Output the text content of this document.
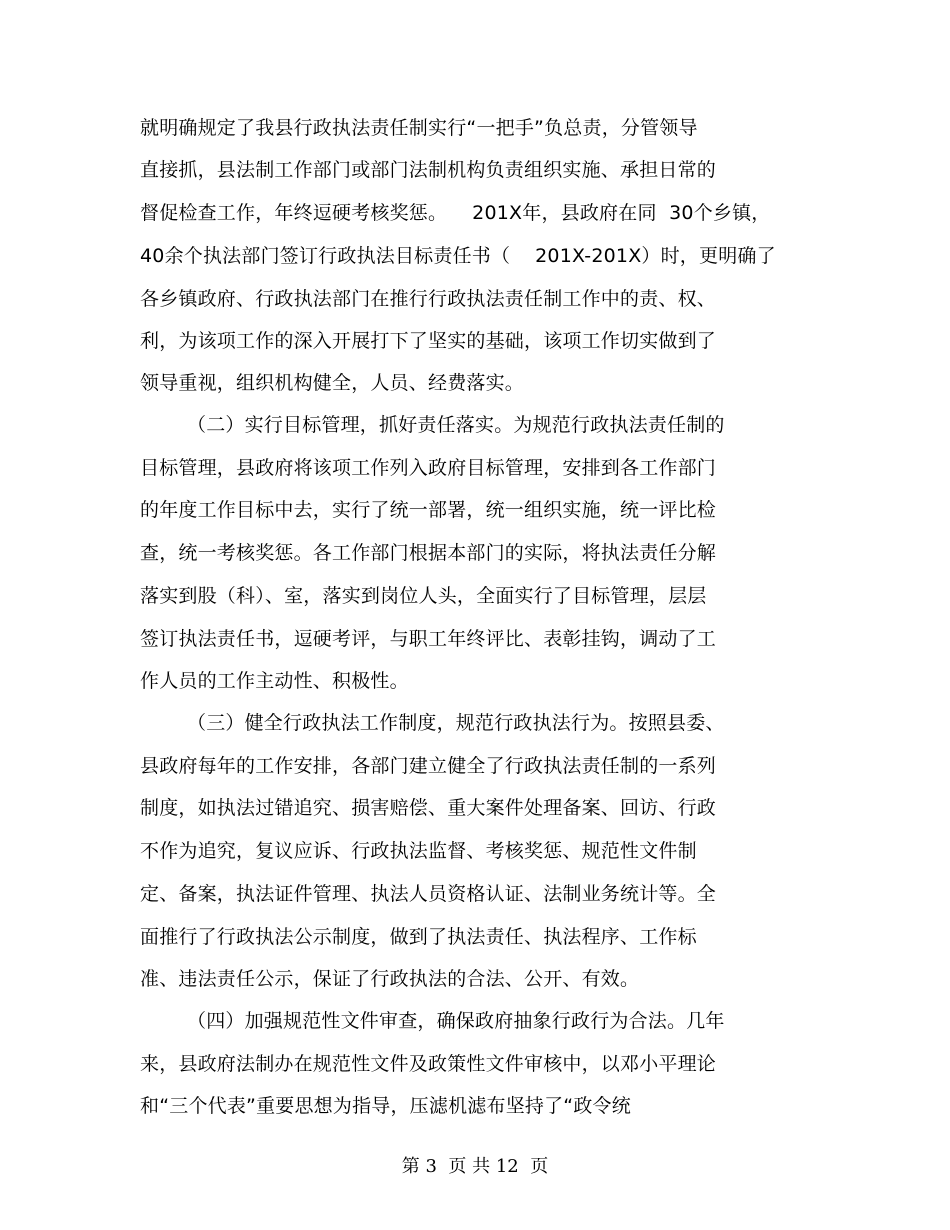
就明确规定了我县行政执法责任制实行“一把手”负总责，分管领导
直接抓，县法制工作部门或部门法制机构负责组织实施、承担日常的
督促检查工作，年终逗硬考核奖惩。    201X年，县政府在同  30个乡镇，
40余个执法部门签订行政执法目标责任书（    201X-201X）时，更明确了
各乡镇政府、行政执法部门在推行行政执法责任制工作中的责、权、
利，为该项工作的深入开展打下了坚实的基础，该项工作切实做到了
领导重视，组织机构健全，人员、经费落实。
（二）实行目标管理，抓好责任落实。为规范行政执法责任制的
目标管理，县政府将该项工作列入政府目标管理，安排到各工作部门
的年度工作目标中去，实行了统一部署，统一组织实施，统一评比检
查，统一考核奖惩。各工作部门根据本部门的实际，将执法责任分解
落实到股（科）、室，落实到岗位人头，全面实行了目标管理，层层
签订执法责任书，逗硬考评，与职工年终评比、表彰挂钩，调动了工
作人员的工作主动性、积极性。
（三）健全行政执法工作制度，规范行政执法行为。按照县委、
县政府每年的工作安排，各部门建立健全了行政执法责任制的一系列
制度，如执法过错追究、损害赔偿、重大案件处理备案、回访、行政
不作为追究，复议应诉、行政执法监督、考核奖惩、规范性文件制
定、备案，执法证件管理、执法人员资格认证、法制业务统计等。全
面推行了行政执法公示制度，做到了执法责任、执法程序、工作标
准、违法责任公示，保证了行政执法的合法、公开、有效。
（四）加强规范性文件审查，确保政府抽象行政行为合法。几年
来，县政府法制办在规范性文件及政策性文件审核中，以邓小平理论
和“三个代表”重要思想为指导，压滤机滤布坚持了“政令统
第 3  页 共 12  页
